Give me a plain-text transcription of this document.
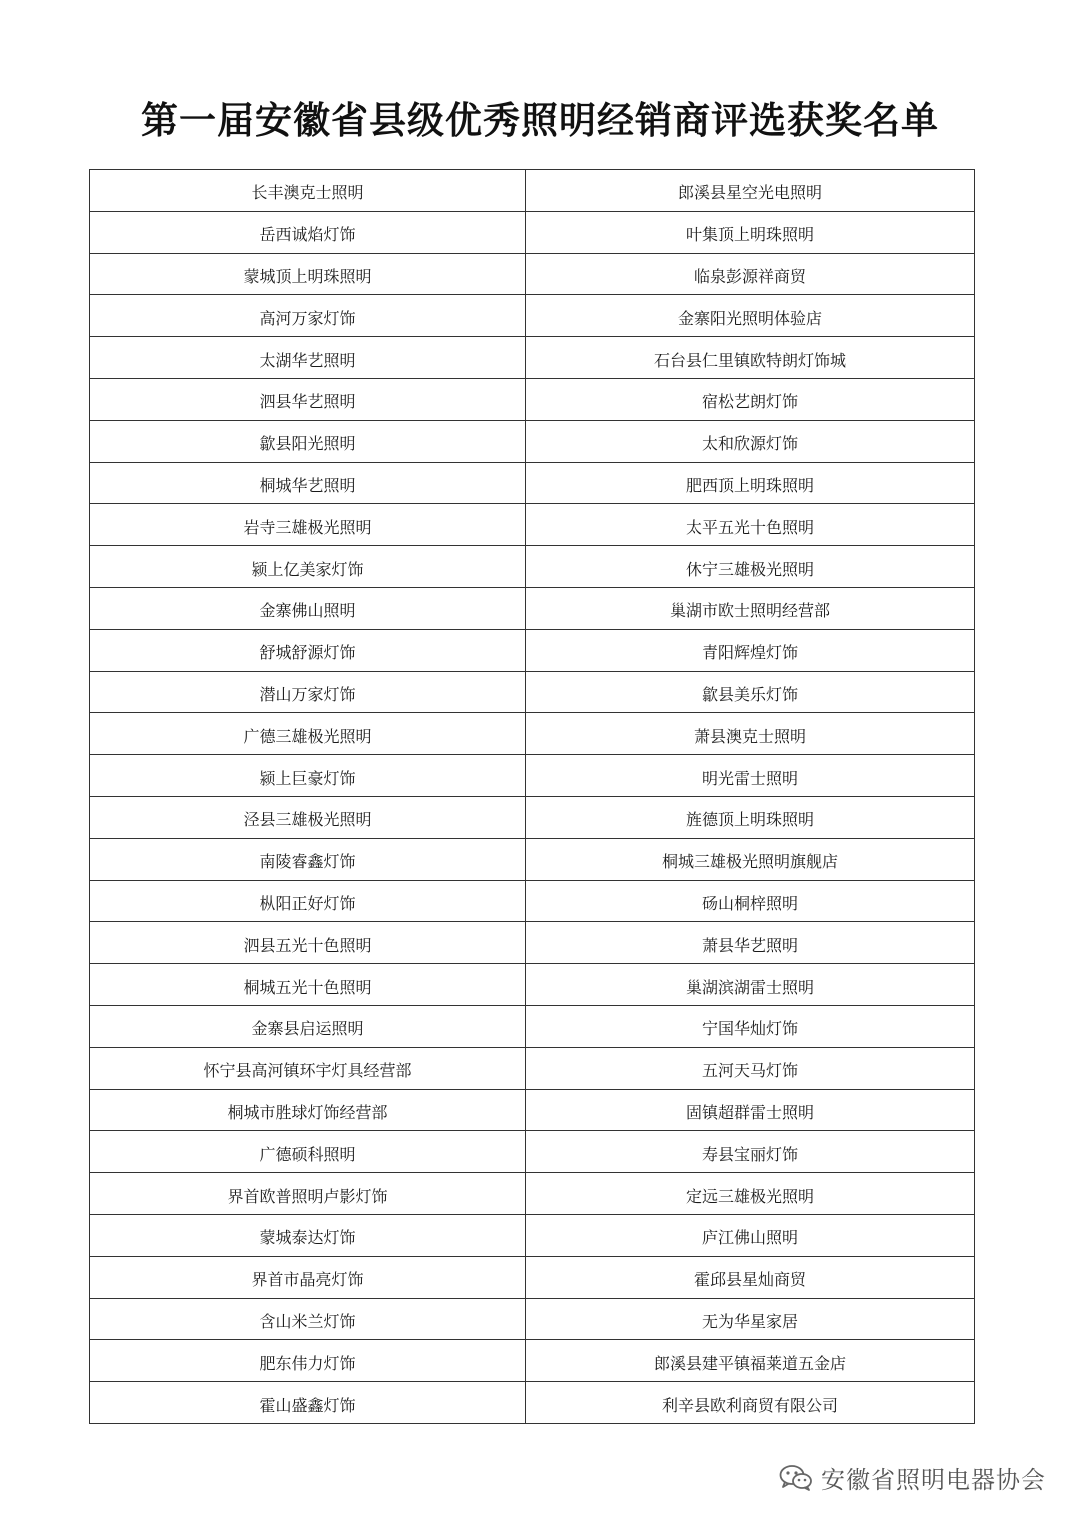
第一届安徽省县级优秀照明经销商评选获奖名单
长丰澳克士照明	郎溪县星空光电照明
岳西诚焰灯饰	叶集顶上明珠照明
蒙城顶上明珠照明	临泉彭源祥商贸
高河万家灯饰	金寨阳光照明体验店
太湖华艺照明	石台县仁里镇欧特朗灯饰城
泗县华艺照明	宿松艺朗灯饰
歙县阳光照明	太和欣源灯饰
桐城华艺照明	肥西顶上明珠照明
岩寺三雄极光照明	太平五光十色照明
颍上亿美家灯饰	休宁三雄极光照明
金寨佛山照明	巢湖市欧士照明经营部
舒城舒源灯饰	青阳辉煌灯饰
潜山万家灯饰	歙县美乐灯饰
广德三雄极光照明	萧县澳克士照明
颍上巨豪灯饰	明光雷士照明
泾县三雄极光照明	旌德顶上明珠照明
南陵睿鑫灯饰	桐城三雄极光照明旗舰店
枞阳正好灯饰	砀山桐梓照明
泗县五光十色照明	萧县华艺照明
桐城五光十色照明	巢湖滨湖雷士照明
金寨县启运照明	宁国华灿灯饰
怀宁县高河镇环宇灯具经营部	五河天马灯饰
桐城市胜球灯饰经营部	固镇超群雷士照明
广德硕科照明	寿县宝丽灯饰
界首欧普照明卢影灯饰	定远三雄极光照明
蒙城泰达灯饰	庐江佛山照明
界首市晶亮灯饰	霍邱县星灿商贸
含山米兰灯饰	无为华星家居
肥东伟力灯饰	郎溪县建平镇福莱道五金店
霍山盛鑫灯饰	利辛县欧利商贸有限公司
安徽省照明电器协会
